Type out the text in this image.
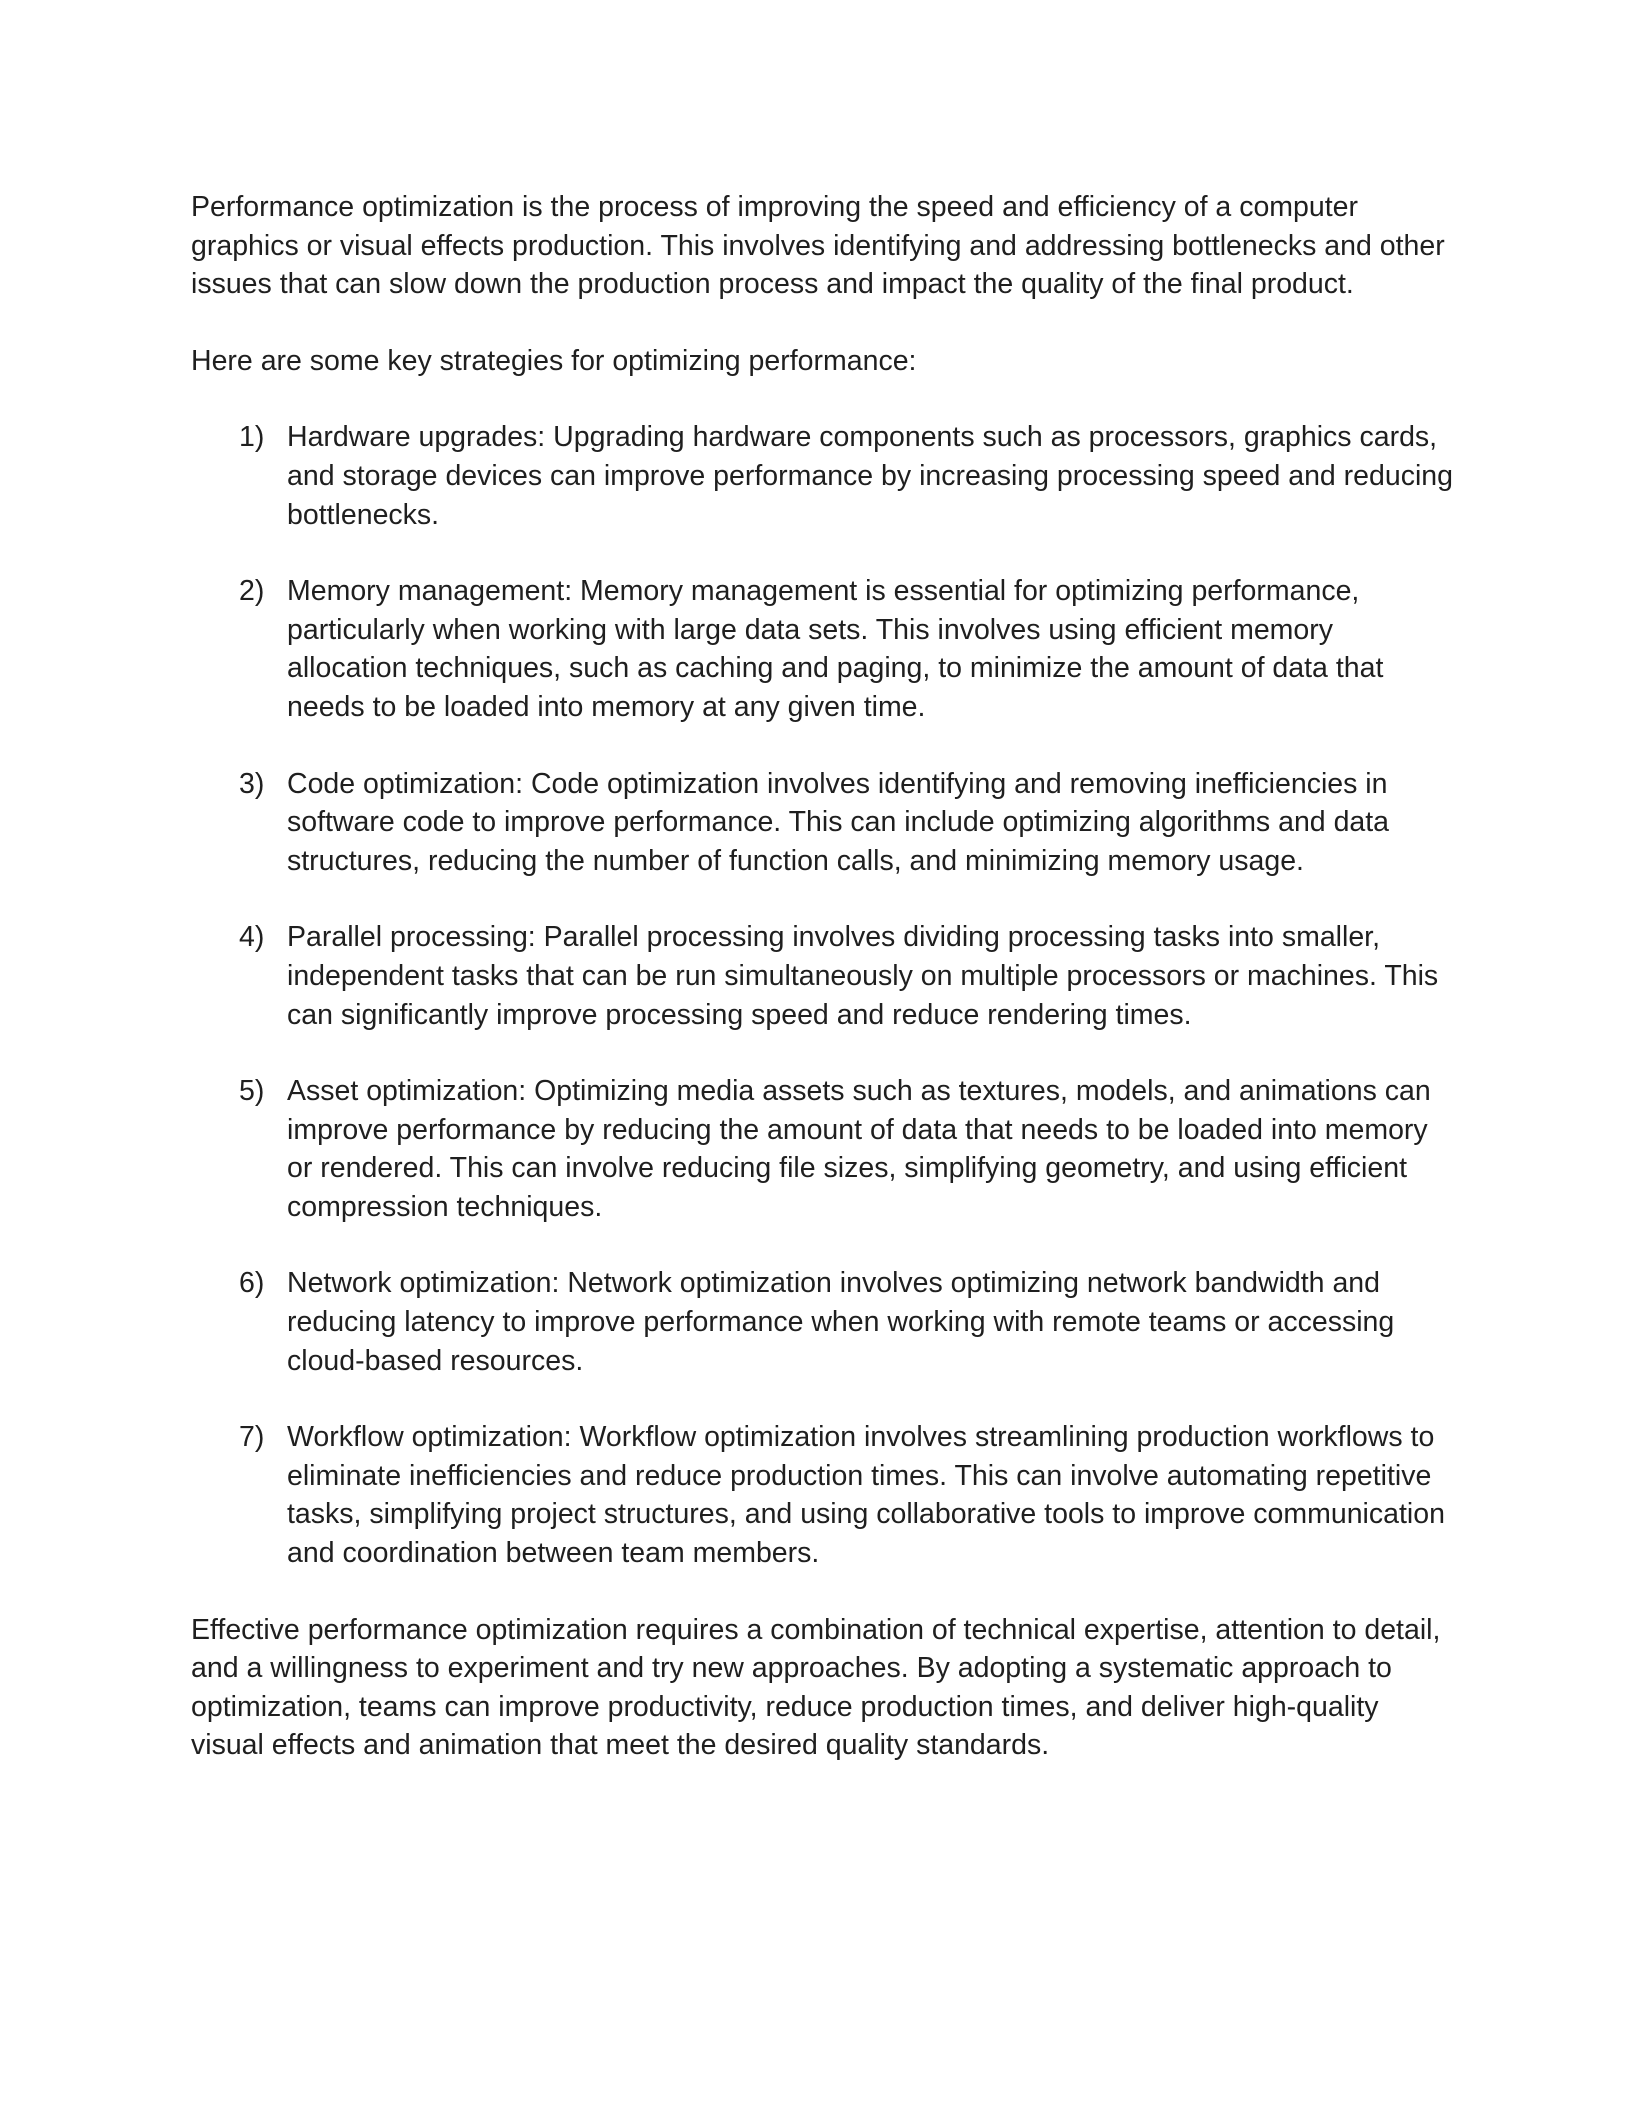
Performance optimization is the process of improving the speed and efficiency of a computer graphics or visual effects production. This involves identifying and addressing bottlenecks and other issues that can slow down the production process and impact the quality of the final product.

Here are some key strategies for optimizing performance:

1) Hardware upgrades: Upgrading hardware components such as processors, graphics cards, and storage devices can improve performance by increasing processing speed and reducing bottlenecks.
2) Memory management: Memory management is essential for optimizing performance, particularly when working with large data sets. This involves using efficient memory allocation techniques, such as caching and paging, to minimize the amount of data that needs to be loaded into memory at any given time.
3) Code optimization: Code optimization involves identifying and removing inefficiencies in software code to improve performance. This can include optimizing algorithms and data structures, reducing the number of function calls, and minimizing memory usage.
4) Parallel processing: Parallel processing involves dividing processing tasks into smaller, independent tasks that can be run simultaneously on multiple processors or machines. This can significantly improve processing speed and reduce rendering times.
5) Asset optimization: Optimizing media assets such as textures, models, and animations can improve performance by reducing the amount of data that needs to be loaded into memory or rendered. This can involve reducing file sizes, simplifying geometry, and using efficient compression techniques.
6) Network optimization: Network optimization involves optimizing network bandwidth and reducing latency to improve performance when working with remote teams or accessing cloud-based resources.
7) Workflow optimization: Workflow optimization involves streamlining production workflows to eliminate inefficiencies and reduce production times. This can involve automating repetitive tasks, simplifying project structures, and using collaborative tools to improve communication and coordination between team members.

Effective performance optimization requires a combination of technical expertise, attention to detail, and a willingness to experiment and try new approaches. By adopting a systematic approach to optimization, teams can improve productivity, reduce production times, and deliver high-quality visual effects and animation that meet the desired quality standards.
